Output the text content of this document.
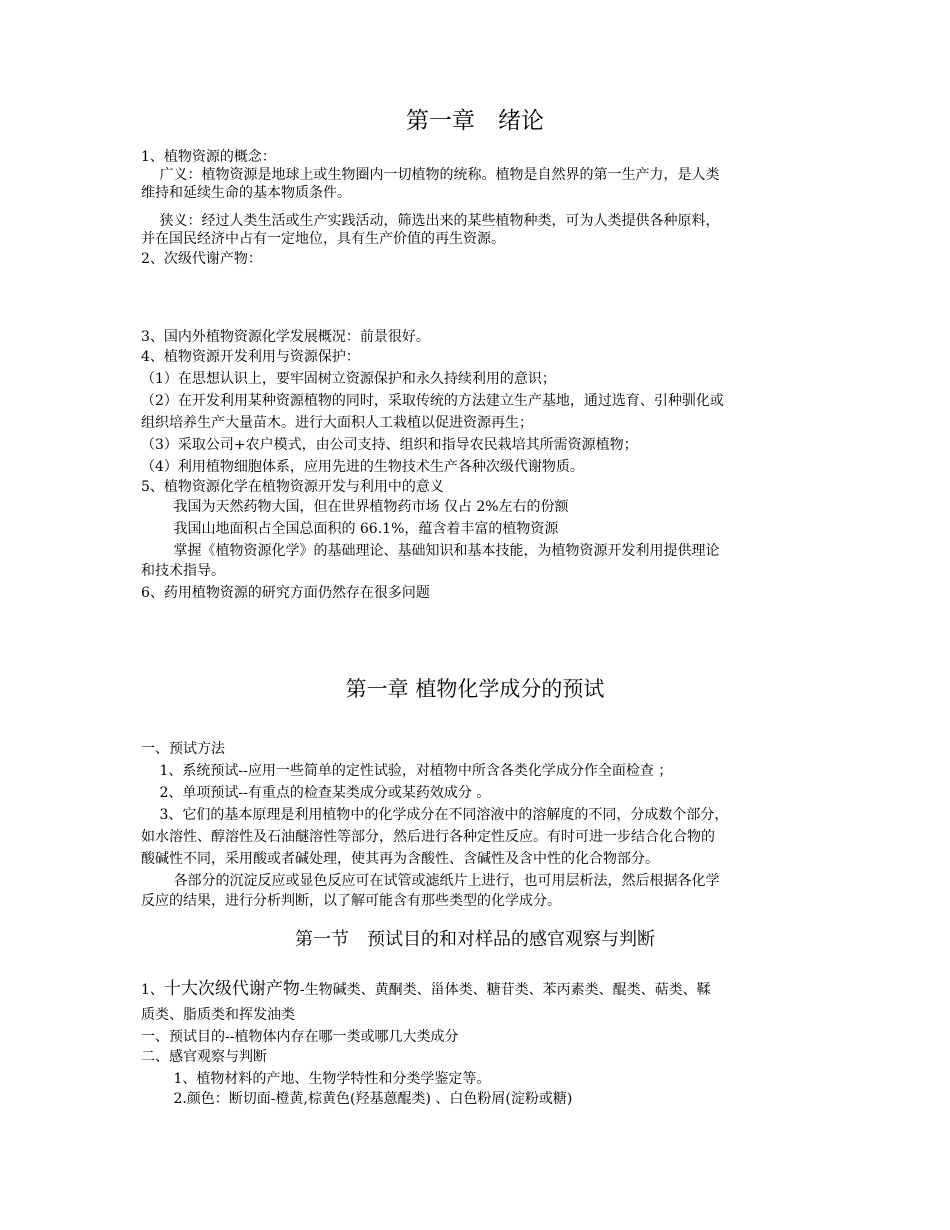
第一章　绪论
1、植物资源的概念：
　 广义：植物资源是地球上或生物圈内一切植物的统称。植物是自然界的第一生产力，是人类
维持和延续生命的基本物质条件。
　 狭义：经过人类生活或生产实践活动，筛选出来的某些植物种类，可为人类提供各种原料，
并在国民经济中占有一定地位，具有生产价值的再生资源。
2、次级代谢产物：
3、国内外植物资源化学发展概况：前景很好。
4、植物资源开发利用与资源保护：
（1）在思想认识上，要牢固树立资源保护和永久持续利用的意识；
（2）在开发利用某种资源植物的同时，采取传统的方法建立生产基地，通过选育、引种驯化或
组织培养生产大量苗木。进行大面积人工栽植以促进资源再生；
（3）采取公司+农户模式，由公司支持、组织和指导农民栽培其所需资源植物；
（4）利用植物细胞体系，应用先进的生物技术生产各种次级代谢物质。
5、植物资源化学在植物资源开发与利用中的意义
　　 我国为天然药物大国，但在世界植物药市场 仅占 2%左右的份额
　　 我国山地面积占全国总面积的 66.1%，蕴含着丰富的植物资源
　　 掌握《植物资源化学》的基础理论、基础知识和基本技能，为植物资源开发利用提供理论
和技术指导。
6、药用植物资源的研究方面仍然存在很多问题
第一章 植物化学成分的预试
一、预试方法
　 1、系统预试--应用一些简单的定性试验，对植物中所含各类化学成分作全面检查 ；
　 2、单项预试--有重点的检查某类成分或某药效成分 。
　 3、它们的基本原理是利用植物中的化学成分在不同溶液中的溶解度的不同，分成数个部分，
如水溶性、醇溶性及石油醚溶性等部分，然后进行各种定性反应。有时可进一步结合化合物的
酸碱性不同，采用酸或者碱处理，使其再为含酸性、含碱性及含中性的化合物部分。
　　 各部分的沉淀反应或显色反应可在试管或滤纸片上进行，也可用层析法，然后根据各化学
反应的结果，进行分析判断，以了解可能含有那些类型的化学成分。
第一节　预试目的和对样品的感官观察与判断
1、十大次级代谢产物-生物碱类、黄酮类、甾体类、糖苷类、苯丙素类、醌类、萜类、鞣
质类、脂质类和挥发油类
一、预试目的--植物体内存在哪一类或哪几大类成分
二、感官观察与判断
　　 1、植物材料的产地、生物学特性和分类学鉴定等。
　　 2.颜色：断切面-橙黄,棕黄色(羟基蒽醌类) 、白色粉屑(淀粉或糖)
